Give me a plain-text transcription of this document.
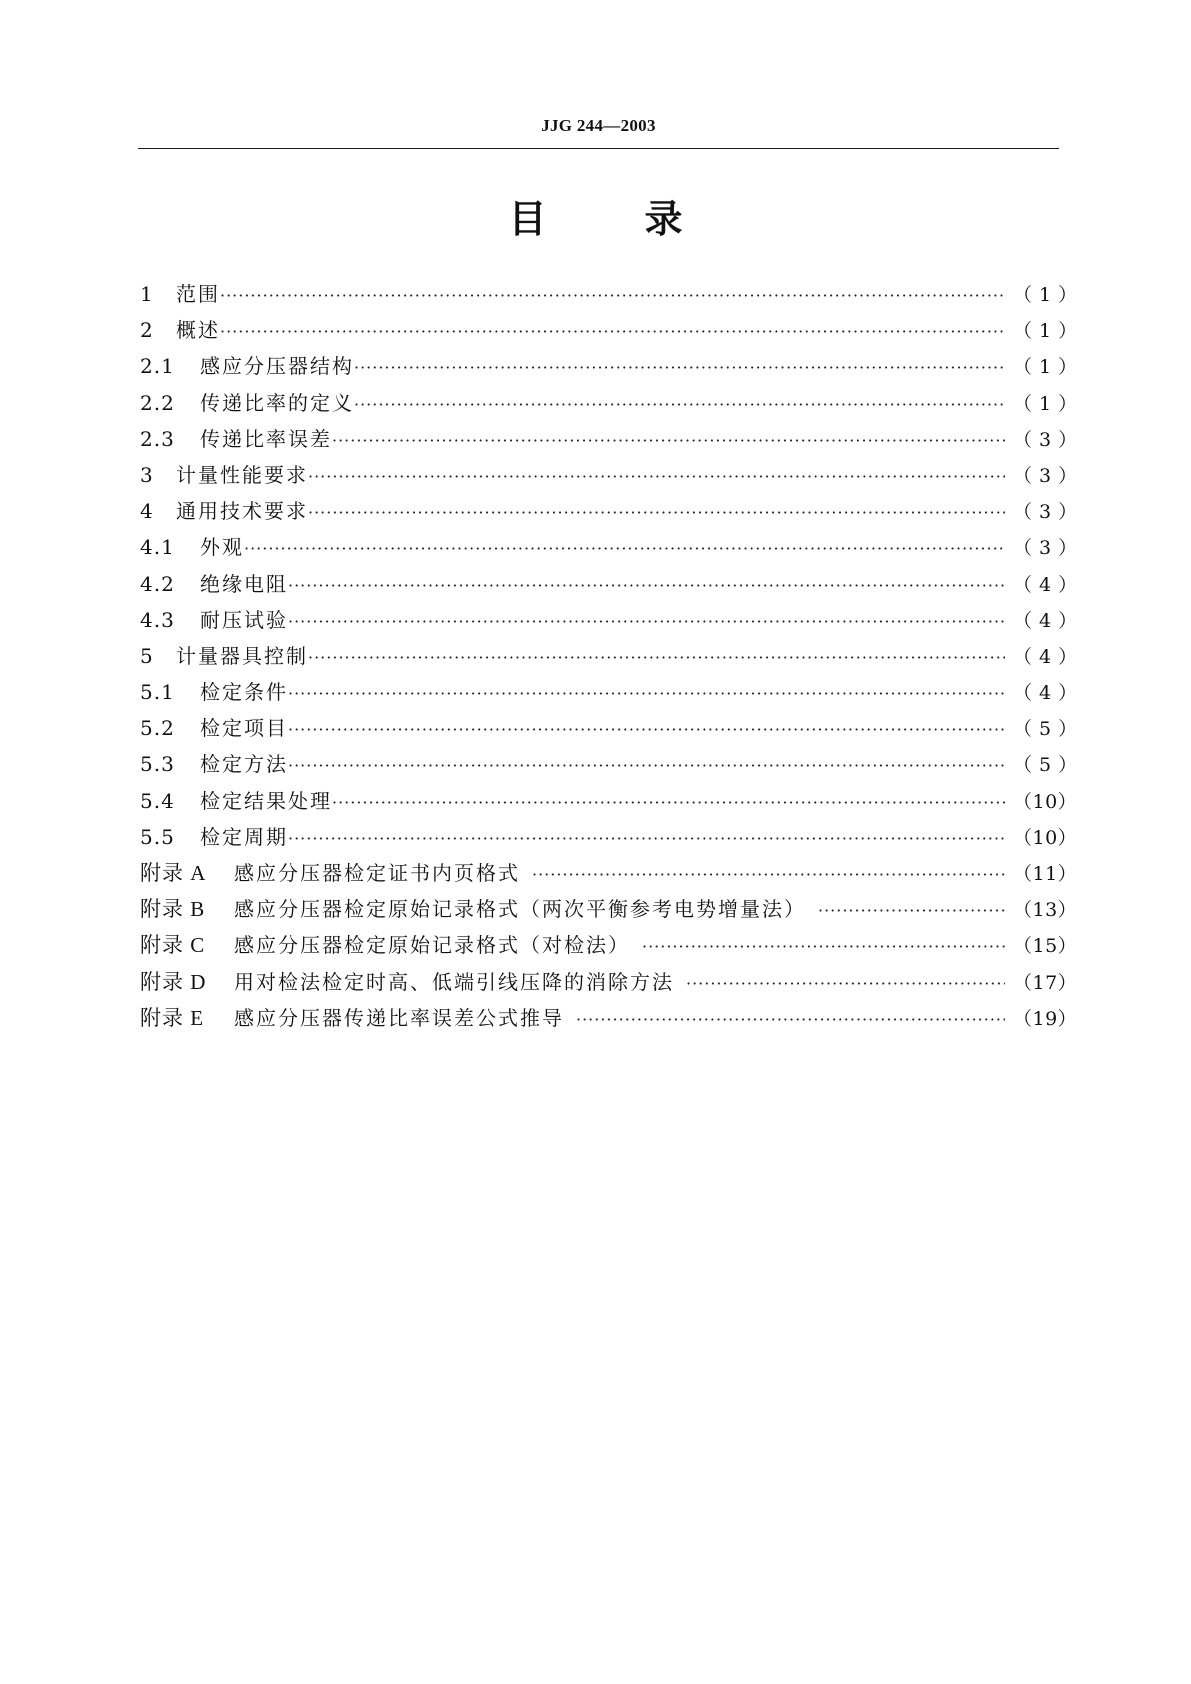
JJG 244—2003
目	录
1	范围 ·····	（ 1 ）
2	概述 ·····	（ 1 ）
2.1	感应分压器结构 ·····	（ 1 ）
2.2	传递比率的定义 ·····	（ 1 ）
2.3	传递比率误差 ·····	（ 3 ）
3	计量性能要求 ·····	（ 3 ）
4	通用技术要求 ·····	（ 3 ）
4.1	外观 ·····	（ 3 ）
4.2	绝缘电阻 ·····	（ 4 ）
4.3	耐压试验 ·····	（ 4 ）
5	计量器具控制 ·····	（ 4 ）
5.1	检定条件 ·····	（ 4 ）
5.2	检定项目 ·····	（ 5 ）
5.3	检定方法 ·····	（ 5 ）
5.4	检定结果处理 ·····	（10）
5.5	检定周期 ·····	（10）
附录 A	感应分压器检定证书内页格式 ·····	（11）
附录 B	感应分压器检定原始记录格式（两次平衡参考电势增量法） ·····	（13）
附录 C	感应分压器检定原始记录格式（对检法） ·····	（15）
附录 D	用对检法检定时高、低端引线压降的消除方法 ·····	（17）
附录 E	感应分压器传递比率误差公式推导 ·····	（19）
